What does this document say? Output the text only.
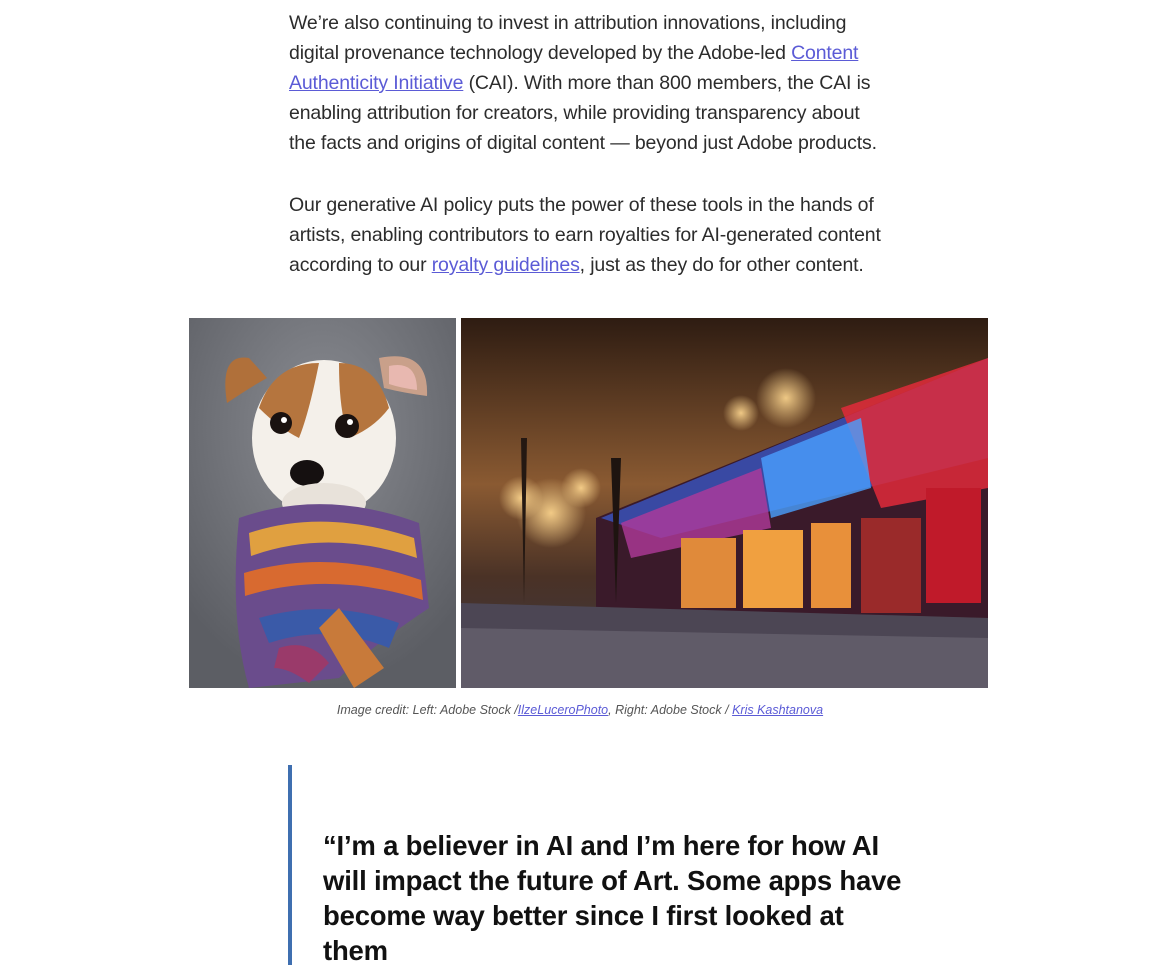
We’re also continuing to invest in attribution innovations, including digital provenance technology developed by the Adobe-led Content Authenticity Initiative (CAI). With more than 800 members, the CAI is enabling attribution for creators, while providing transparency about the facts and origins of digital content — beyond just Adobe products.
Our generative AI policy puts the power of these tools in the hands of artists, enabling contributors to earn royalties for AI-generated content according to our royalty guidelines, just as they do for other content.
Image credit: Left: Adobe Stock /IlzeLuceroPhoto, Right: Adobe Stock / Kris Kashtanova
“I’m a believer in AI and I’m here for how AI will impact the future of Art. Some apps have become way better since I first looked at them
